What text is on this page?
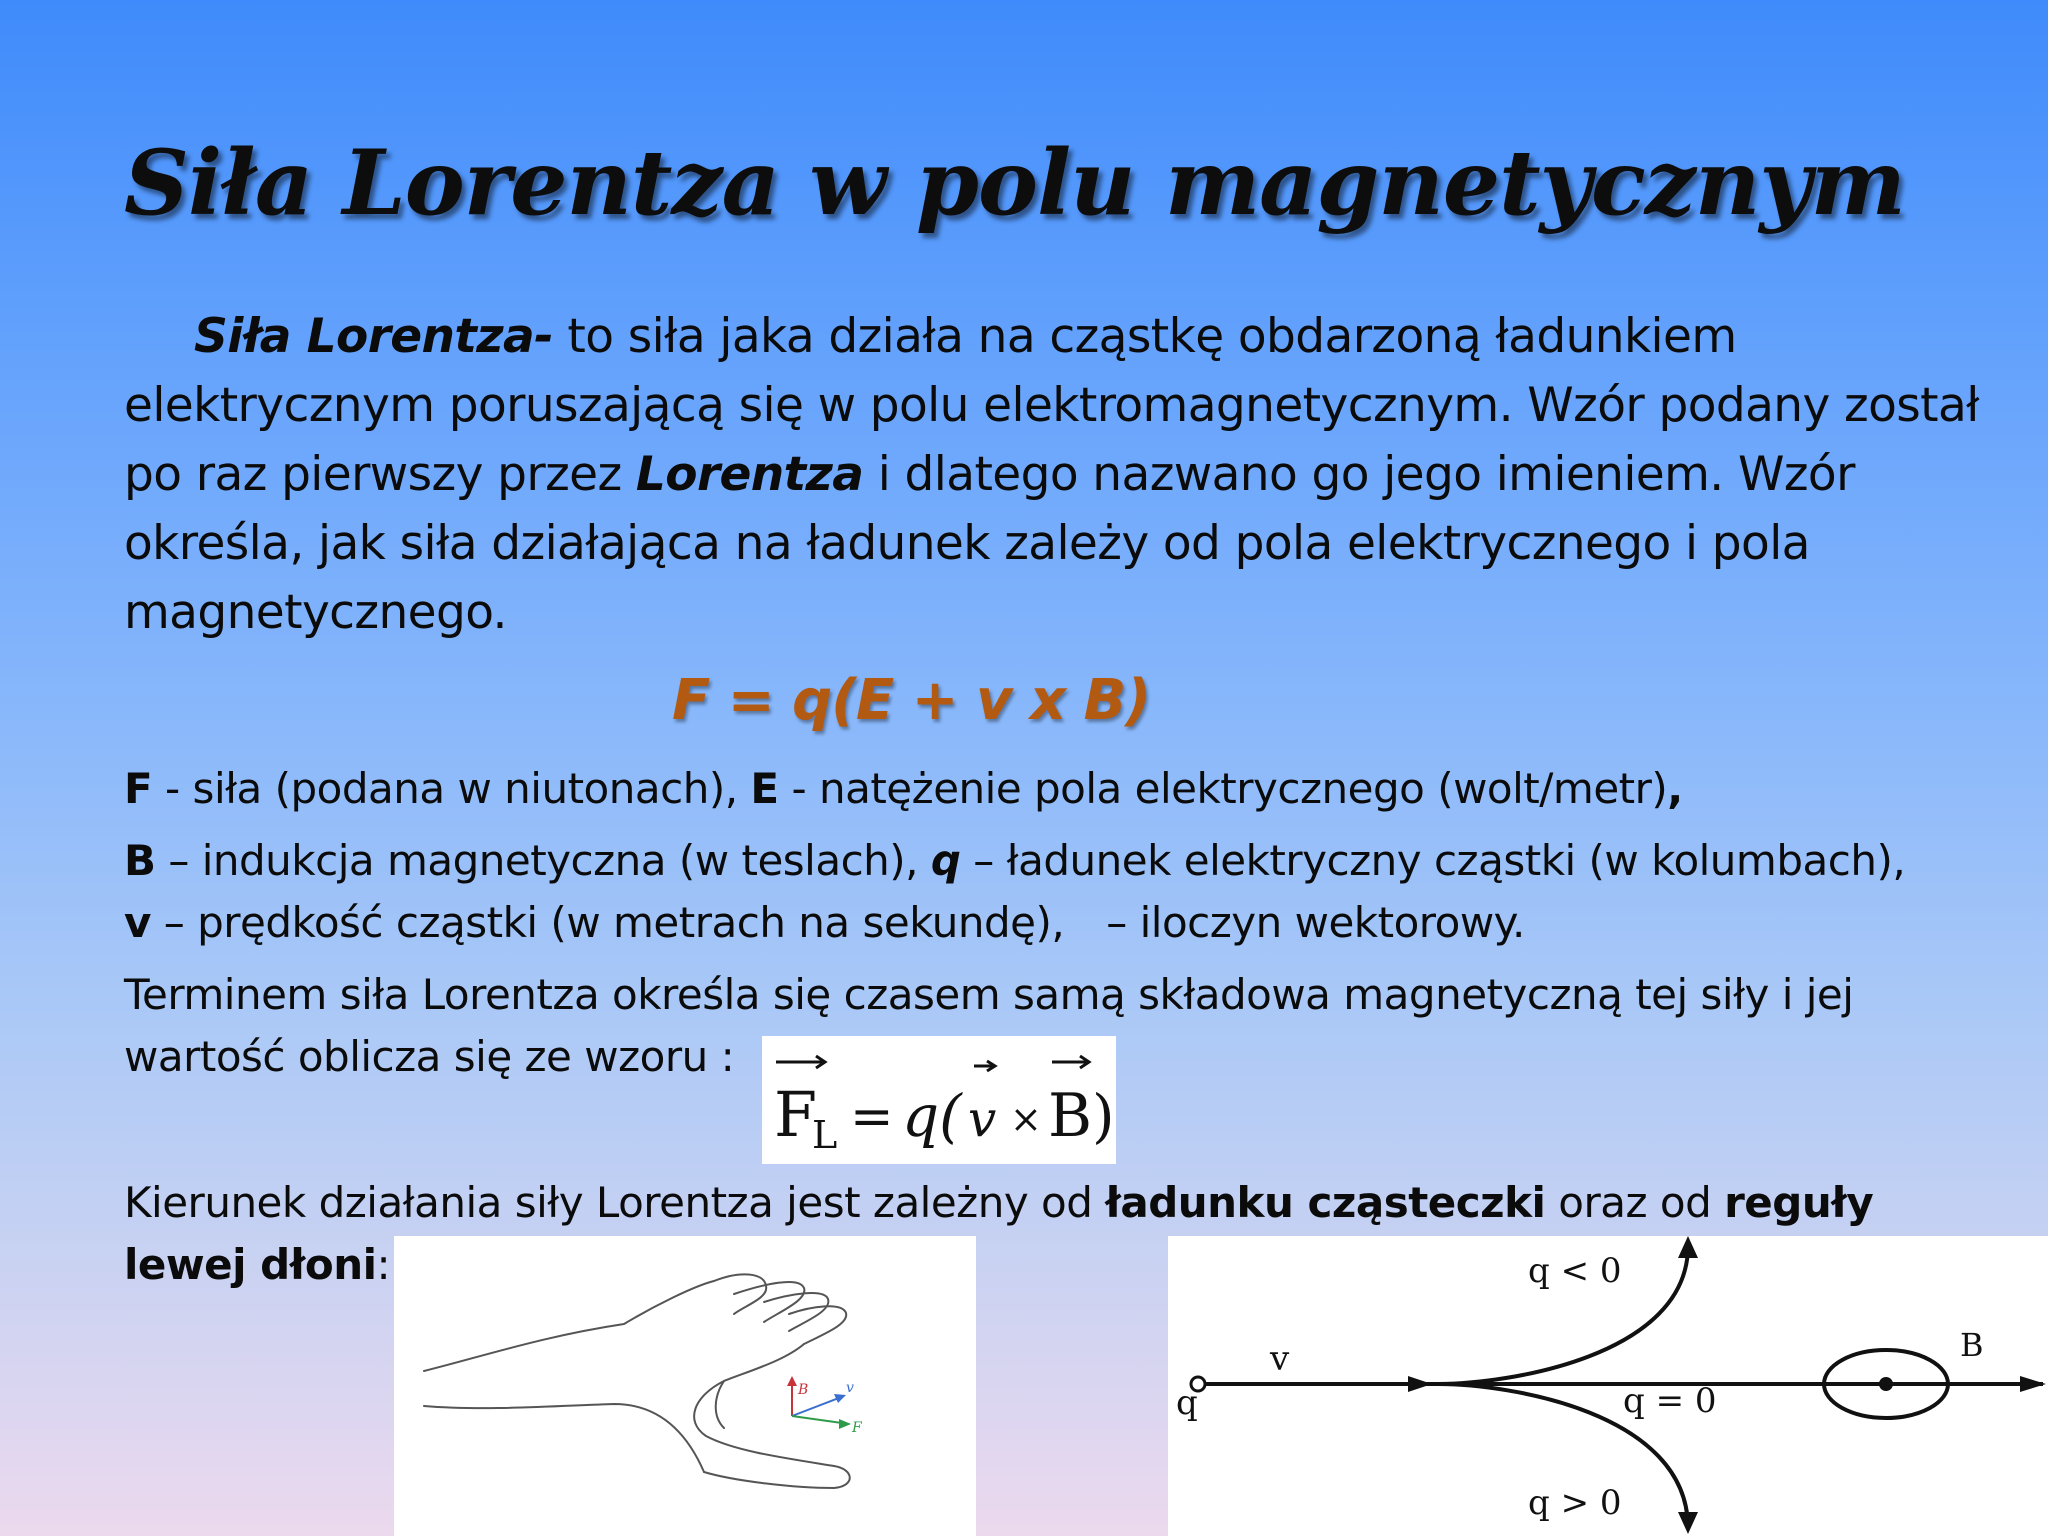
Siła Lorentza w polu magnetycznym

Siła Lorentza- to siła jaka działa na cząstkę obdarzoną ładunkiem elektrycznym poruszającą się w polu elektromagnetycznym. Wzór podany został po raz pierwszy przez Lorentza i dlatego nazwano go jego imieniem. Wzór określa, jak siła działająca na ładunek zależy od pola elektrycznego i pola magnetycznego.

F = q(E + v x B)
F - siła (podana w niutonach), E - natężenie pola elektrycznego (wolt/metr),
B – indukcja magnetyczna (w teslach), q – ładunek elektryczny cząstki (w kolumbach),
v – prędkość cząstki (w metrach na sekundę), – iloczyn wektorowy.
Terminem siła Lorentza określa się czasem samą składowa magnetyczną tej siły i jej
wartość oblicza się ze wzoru :
F
L = q( v × B )
Kierunek działania siły Lorentza jest zależny od ładunku cząsteczki oraz od reguły
lewej dłoni:
B	v
F
q < 0
q = 0
q > 0
v
q
B
